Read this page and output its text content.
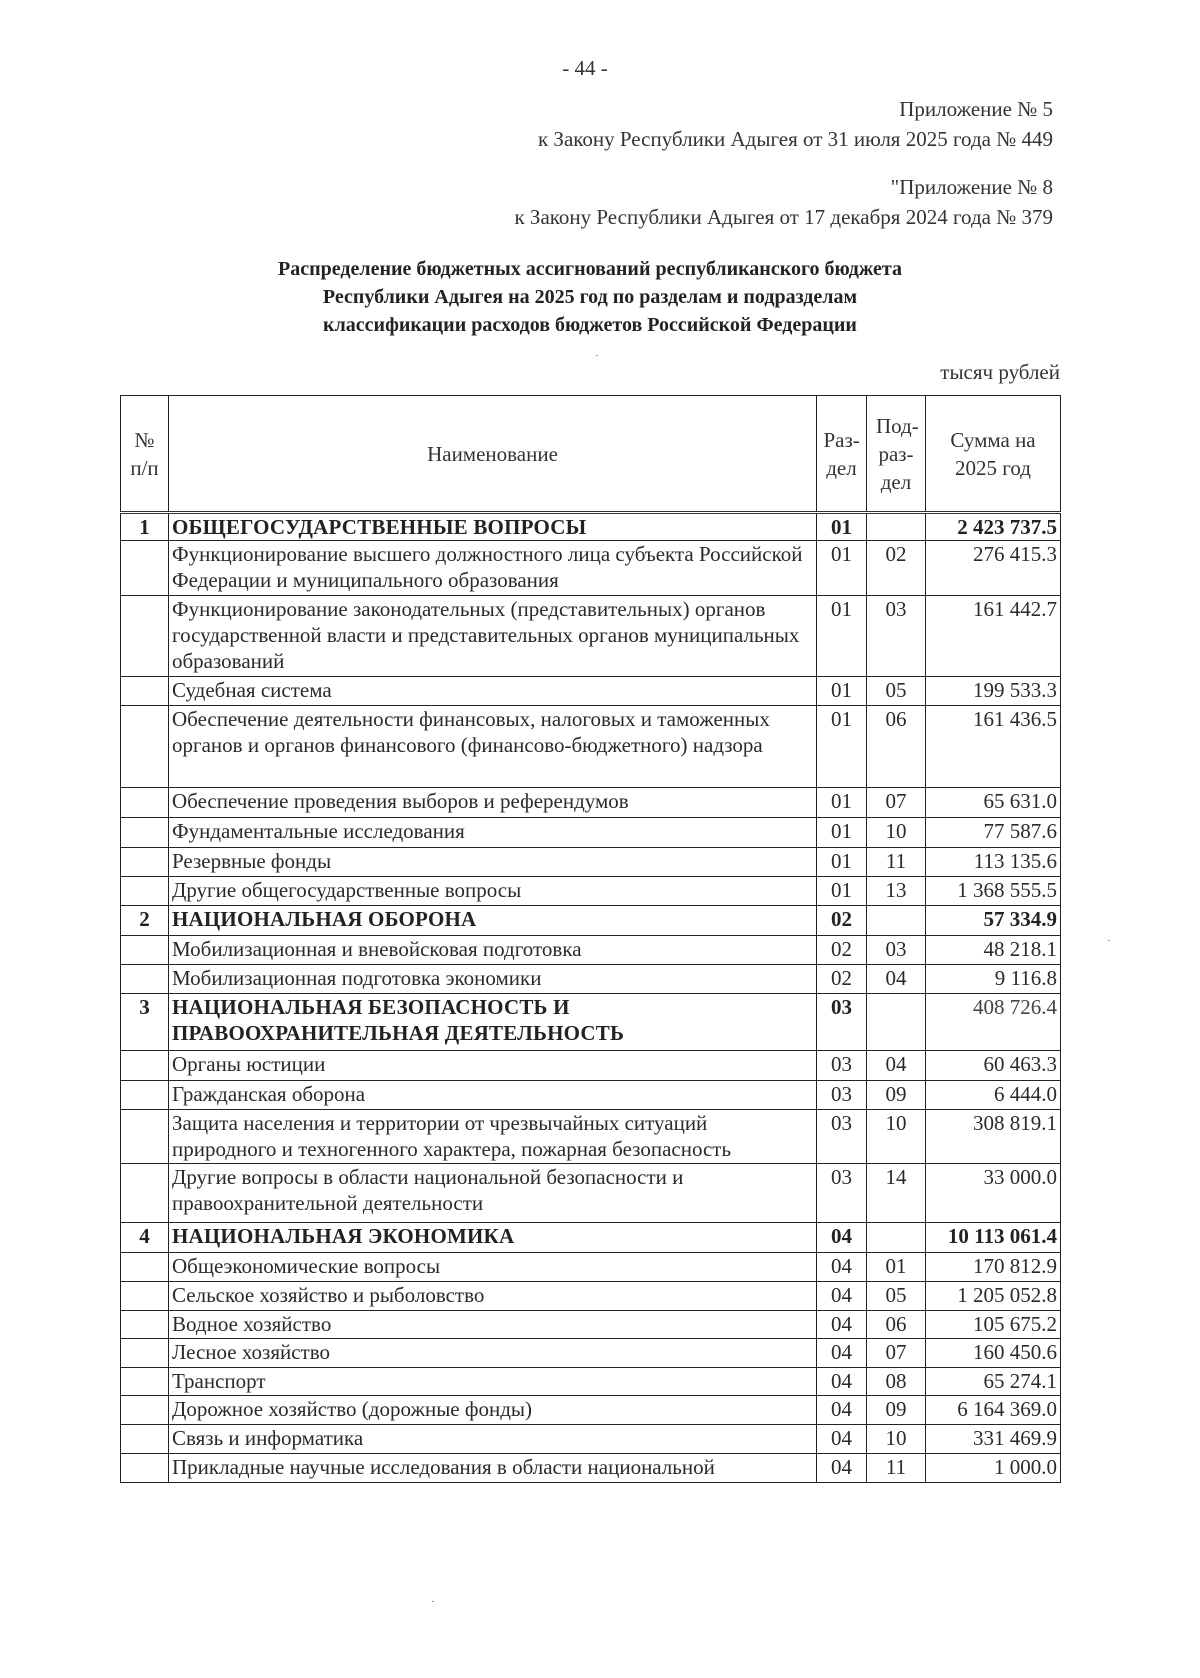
- 44 -
Приложение № 5
к Закону Республики Адыгея от 31 июля 2025 года № 449
"Приложение № 8
к Закону Республики Адыгея от 17 декабря 2024 года № 379
Распределение бюджетных ассигнований республиканского бюджета
Республики Адыгея на 2025 год по разделам и подразделам
классификации расходов бюджетов Российской Федерации
тысяч рублей
№ п/п	Наименование	Раз- дел	Под- раз- дел	Сумма на 2025 год
1	ОБЩЕГОСУДАРСТВЕННЫЕ ВОПРОСЫ	01		2 423 737.5
	Функционирование высшего должностного лица субъекта Российской Федерации и муниципального образования	01	02	276 415.3
	Функционирование законодательных (представительных) органов государственной власти и представительных органов муниципальных образований	01	03	161 442.7
	Судебная система	01	05	199 533.3
	Обеспечение деятельности финансовых, налоговых и таможенных органов и органов финансового (финансово-бюджетного) надзора	01	06	161 436.5
	Обеспечение проведения выборов и референдумов	01	07	65 631.0
	Фундаментальные исследования	01	10	77 587.6
	Резервные фонды	01	11	113 135.6
	Другие общегосударственные вопросы	01	13	1 368 555.5
2	НАЦИОНАЛЬНАЯ ОБОРОНА	02		57 334.9
	Мобилизационная и вневойсковая подготовка	02	03	48 218.1
	Мобилизационная подготовка экономики	02	04	9 116.8
3	НАЦИОНАЛЬНАЯ БЕЗОПАСНОСТЬ И ПРАВООХРАНИТЕЛЬНАЯ ДЕЯТЕЛЬНОСТЬ	03		408 726.4
	Органы юстиции	03	04	60 463.3
	Гражданская оборона	03	09	6 444.0
	Защита населения и территории от чрезвычайных ситуаций природного и техногенного характера, пожарная безопасность	03	10	308 819.1
	Другие вопросы в области национальной безопасности и правоохранительной деятельности	03	14	33 000.0
4	НАЦИОНАЛЬНАЯ ЭКОНОМИКА	04		10 113 061.4
	Общеэкономические вопросы	04	01	170 812.9
	Сельское хозяйство и рыболовство	04	05	1 205 052.8
	Водное хозяйство	04	06	105 675.2
	Лесное хозяйство	04	07	160 450.6
	Транспорт	04	08	65 274.1
	Дорожное хозяйство (дорожные фонды)	04	09	6 164 369.0
	Связь и информатика	04	10	331 469.9
	Прикладные научные исследования в области национальной	04	11	1 000.0
